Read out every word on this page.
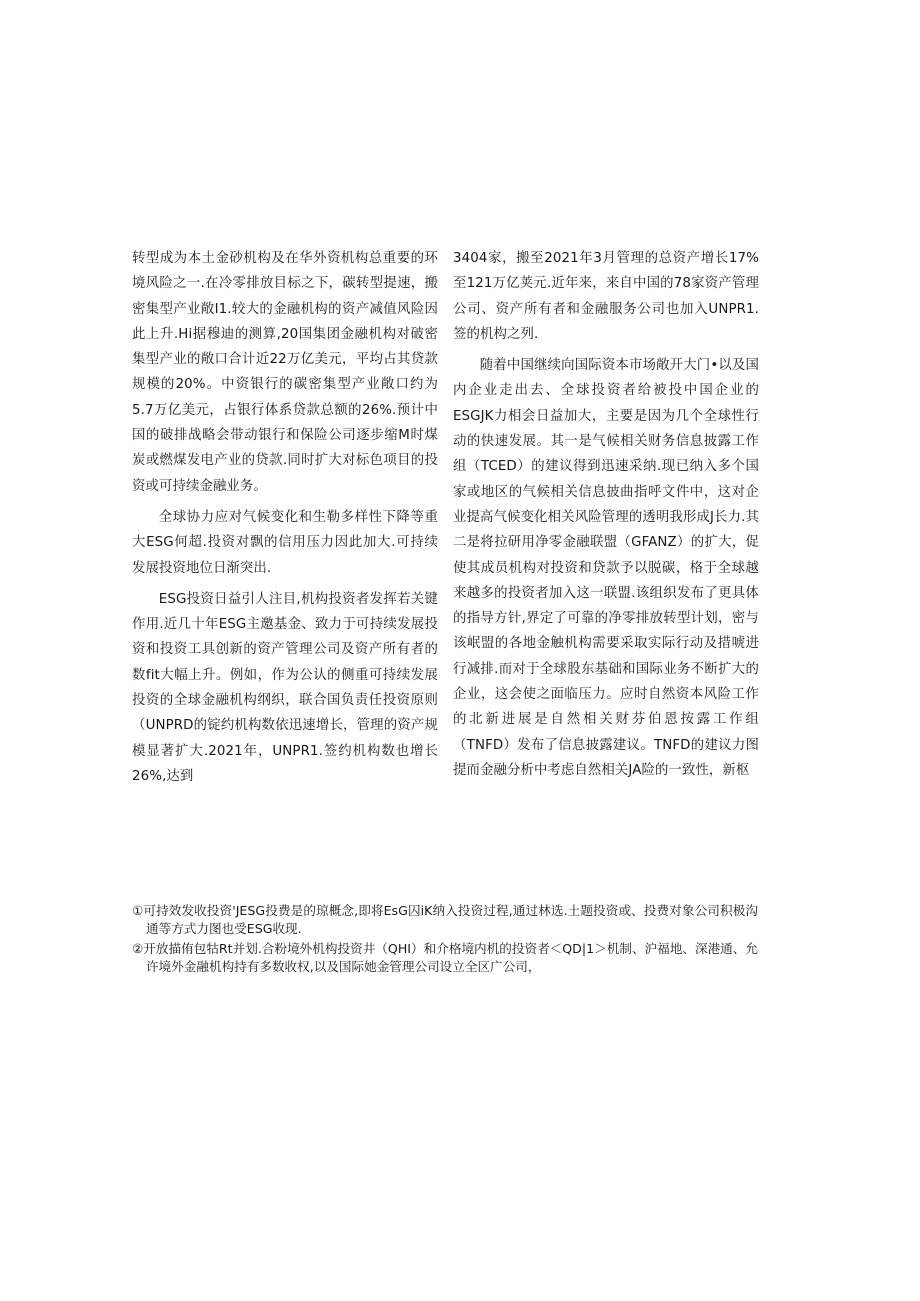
转型成为本土金砂机构及在华外资机构总重要的环境风险之一.在冷零排放目标之下，碳转型提速，搬密集型产业敞I1.较大的金融机构的资产减值风险因此上升.Hi据穆迪的测算,20国集团金融机构对破密集型产业的敞口合计近22万亿美元，平均占其贷款规模的20%。中资银行的碳密集型产业敞口约为5.7万亿美元，占银行体系贷款总额的26%.预计中国的破排战略会带动银行和保险公司逐步缩M时煤炭或燃煤发电产业的贷款.同时扩大对标色项目的投资或可持续金融业务。

全球协力应对气候变化和生勒多样性下降等重大ESG何超.投资对飘的信用压力因此加大.可持续发展投资地位日渐突出.

ESG投资日益引人注目,机构投资者发挥若关键作用.近几十年ESG主邀基金、致力于可持续发展投资和投资工具创新的资产管理公司及资产所有者的数fit大幅上升。例如，作为公认的侧重可持续发展投资的全球金融机构纲织，联合国负责任投资原则（UNPRD的锭约机构数依迅速增长，管理的资产规模显著扩大.2021年，UNPR1.签约机构数也增长26%,达到

3404家，搬至2021年3月管理的总资产增长17%至121万亿荚元.近年来，来自中国的78家资产管理公司、资产所有者和金融服务公司也加入UNPR1.签的机构之列.

随着中国继续向国际资本市场敞开大门•以及国内企业走出去、全球投资者给被投中国企业的ESGJK力相会日益加大，主要是因为几个全球性行动的快速发展。其一是气候相关财务信息披露工作组（TCED）的建议得到迅速采纳.现已纳入多个国家或地区的气候相关信息披曲指呼文件中，这对企业提高气候变化相关风险管理的透明我形成J长力.其二是将拉研用净零金融联盟（GFANZ）的扩大，促使其成员机构对投资和贷款予以脱碳，格于全球越来越多的投资者加入这一联盟.该组织发布了更具体的指导方针,界定了可靠的净零排放转型计划，密与该岷盟的各地金触机构需要采取实际行动及措唬进行减排.而对于全球股东基础和国际业务不断扩大的企业，这会使之面临压力。应时自然资本风险工作的北新进展是自然相关财芬伯恩按露工作组（TNFD）发布了信息披露建议。TNFD的建议力图提而金融分析中考虑自然相关JA险的一致性，新枢

①可持效发收投资'JESG投费是的琼概念,即将EsG囚iK纳入投资过程,通过林选.土题投资或、投费对象公司积极沟通等方式力图也受ESG收现.

②开放描侑包牯Rt并划.合粉境外机构投资井（QHI）和介格境内机的投资者＜QD|1＞机制、沪福地、深港通、允许境外金融机构持有多数收权,以及国际她金管理公司设立全区广公司，
